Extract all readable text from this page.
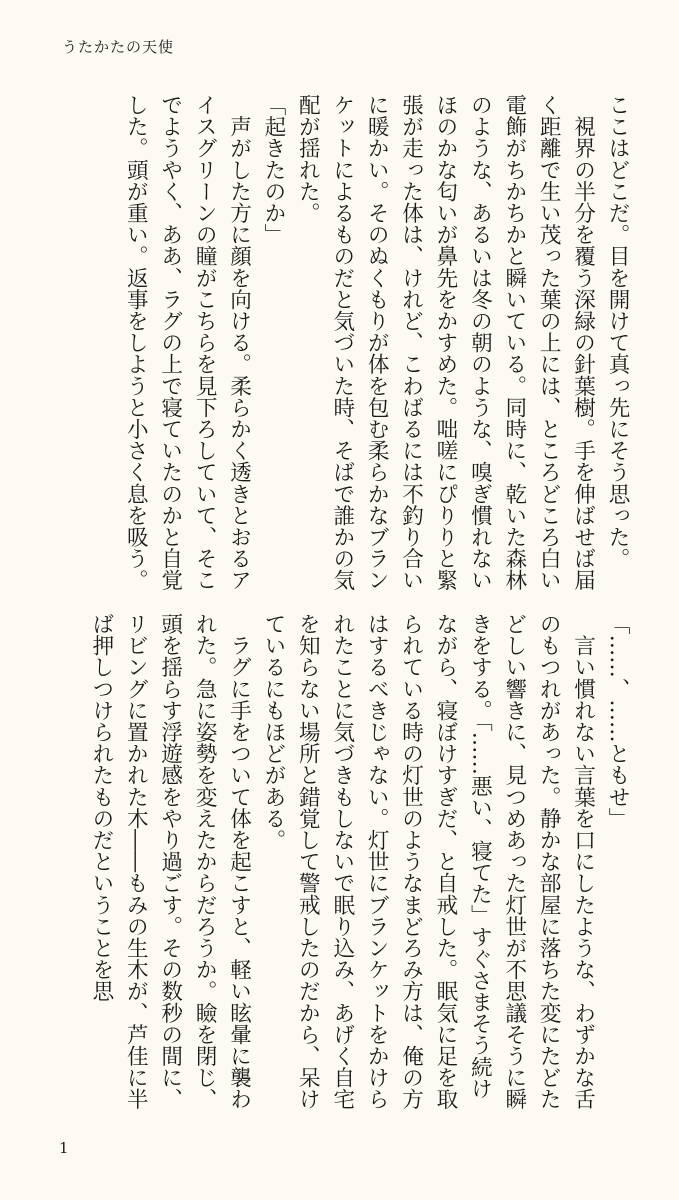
うたかたの天使

ここはどこだ。目を開けて真っ先にそう思った。

　視界の半分を覆う深緑の針葉樹。手を伸ばせば届く距離で生い茂った葉の上には、ところどころ白い電飾がちかちかと瞬いている。同時に、乾いた森林のような、あるいは冬の朝のような、嗅ぎ慣れないほのかな匂いが鼻先をかすめた。咄嗟にぴりりと緊張が走った体は、けれど、こわばるには不釣り合いに暖かい。そのぬくもりが体を包む柔らかなブランケットによるものだと気づいた時、そばで誰かの気配が揺れた。

「起きたのか」

　声がした方に顔を向ける。柔らかく透きとおるアイスグリーンの瞳がこちらを見下ろしていて、そこでようやく、ああ、ラグの上で寝ていたのかと自覚した。頭が重い。返事をしようと小さく息を吸う。

「……、……ともせ」

　言い慣れない言葉を口にしたような、わずかな舌のもつれがあった。静かな部屋に落ちた変にたどたどしい響きに、見つめあった灯世が不思議そうに瞬きをする。「……悪い、寝てた」すぐさまそう続けながら、寝ぼけすぎだ、と自戒した。眠気に足を取られている時の灯世のようなまどろみ方は、俺の方はするべきじゃない。灯世にブランケットをかけられたことに気づきもしないで眠り込み、あげく自宅を知らない場所と錯覚して警戒したのだから、呆けているにもほどがある。

　ラグに手をついて体を起こすと、軽い眩暈に襲われた。急に姿勢を変えたからだろうか。瞼を閉じ、頭を揺らす浮遊感をやり過ごす。その数秒の間に、リビングに置かれた木――もみの生木が、芦佳に半ば押しつけられたものだということを思

1
